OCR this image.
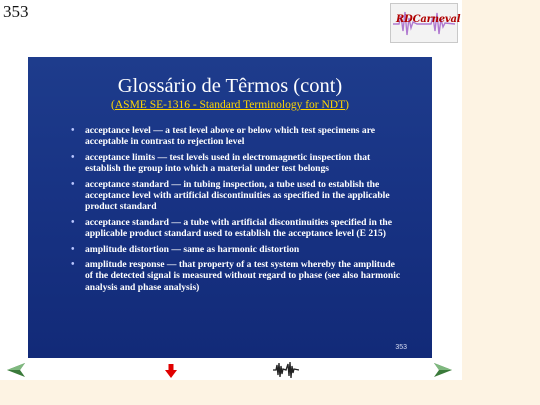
353	RDCarneval
Glossário de Têrmos (cont)
(ASME SE-1316 - Standard Terminology for NDT)
• acceptance level — a test level above or below which test specimens are acceptable in contrast to rejection level
• acceptance limits — test levels used in electromagnetic inspection that establish the group into which a material under test belongs
• acceptance standard — in tubing inspection, a tube used to establish the acceptance level with artificial discontinuities as specified in the applicable product standard
• acceptance standard — a tube with artificial discontinuities specified in the applicable product standard used to establish the acceptance level (E 215)
• amplitude distortion — same as harmonic distortion
• amplitude response — that property of a test system whereby the amplitude of the detected signal is measured without regard to phase (see also harmonic analysis and phase analysis)
353
